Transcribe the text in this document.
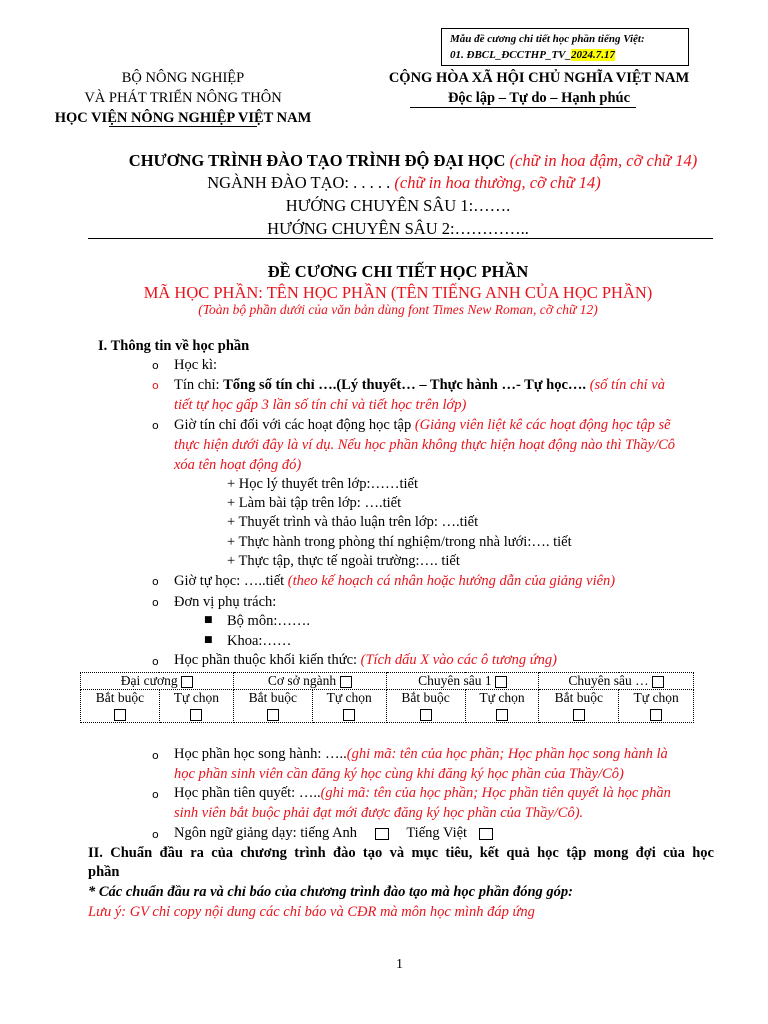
Mẫu đề cương chi tiết học phần tiếng Việt:
01. ĐBCL_ĐCCTHP_TV_2024.7.17
BỘ NÔNG NGHIỆP
VÀ PHÁT TRIỂN NÔNG THÔN
HỌC VIỆN NÔNG NGHIỆP VIỆT NAM
CỘNG HÒA XÃ HỘI CHỦ NGHĨA VIỆT NAM
Độc lập – Tự do – Hạnh phúc
CHƯƠNG TRÌNH ĐÀO TẠO TRÌNH ĐỘ ĐẠI HỌC (chữ in hoa đậm, cỡ chữ 14)
NGÀNH ĐÀO TẠO: . . . . . (chữ in hoa thường, cỡ chữ 14)
HƯỚNG CHUYÊN SÂU 1:…….
HƯỚNG CHUYÊN SÂU 2:…………..
ĐỀ CƯƠNG CHI TIẾT HỌC PHẦN
MÃ HỌC PHẦN: TÊN HỌC PHẦN (TÊN TIẾNG ANH CỦA HỌC PHẦN)
(Toàn bộ phần dưới của văn bản dùng font Times New Roman, cỡ chữ 12)
I. Thông tin về học phần
o Học kì:
o Tín chỉ: Tổng số tín chỉ ….(Lý thuyết… – Thực hành …- Tự học…. (số tín chỉ và
tiết tự học gấp 3 lần số tín chỉ và tiết học trên lớp)
o Giờ tín chỉ đối với các hoạt động học tập (Giảng viên liệt kê các hoạt động học tập sẽ
thực hiện dưới đây là ví dụ. Nếu học phần không thực hiện hoạt động nào thì Thầy/Cô
xóa tên hoạt động đó)
+ Học lý thuyết trên lớp:……tiết
+ Làm bài tập trên lớp: ….tiết
+ Thuyết trình và thảo luận trên lớp: ….tiết
+ Thực hành trong phòng thí nghiệm/trong nhà lưới:…. tiết
+ Thực tập, thực tế ngoài trường:…. tiết
o Giờ tự học: …..tiết (theo kế hoạch cá nhân hoặc hướng dẫn của giảng viên)
o Đơn vị phụ trách:
■ Bộ môn:…….
■ Khoa:……
o Học phần thuộc khối kiến thức: (Tích dấu X vào các ô tương ứng)
Đại cương		Cơ sở ngành		Chuyên sâu 1		Chuyên sâu …	

Bắt buộc	Tự chọn	Bắt buộc	Tự chọn	Bắt buộc	Tự chọn	Bắt buộc	Tự chọn
o Học phần học song hành: …..(ghi mã: tên của học phần; Học phần học song hành là
học phần sinh viên cần đăng ký học cùng khi đăng ký học phần của Thầy/Cô)
o Học phần tiên quyết: …..(ghi mã: tên của học phần; Học phần tiên quyết là học phần
sinh viên bắt buộc phải đạt mới được đăng ký học phần của Thầy/Cô).
o Ngôn ngữ giảng dạy: tiếng Anh	Tiếng Việt
II. Chuẩn đầu ra của chương trình đào tạo và mục tiêu, kết quả học tập mong đợi của học
phần
* Các chuẩn đầu ra và chỉ báo của chương trình đào tạo mà học phần đóng góp:
Lưu ý: GV chỉ copy nội dung các chỉ báo và CĐR mà môn học mình đáp ứng
1
